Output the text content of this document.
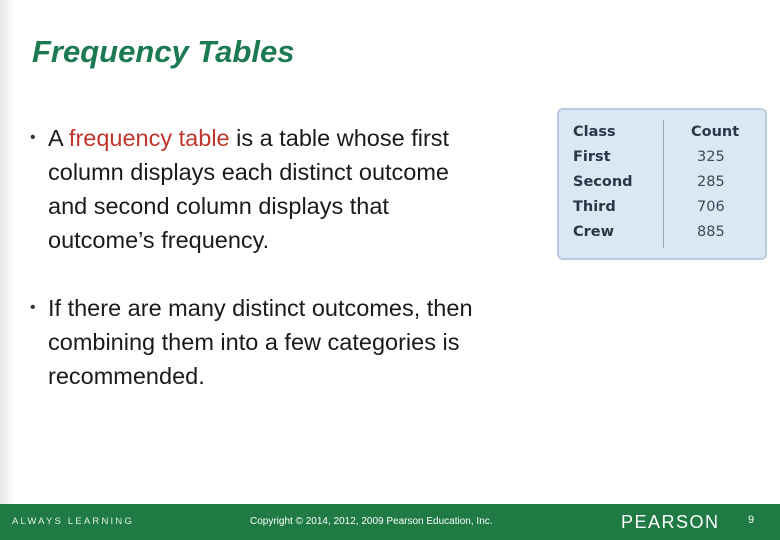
Frequency Tables
• A frequency table is a table whose first
column displays each distinct outcome
and second column displays that
outcome’s frequency.
• If there are many distinct outcomes, then
combining them into a few categories is
recommended.
Class	Count
First	325
Second	285
Third	706
Crew	885
ALWAYS LEARNING	Copyright © 2014, 2012, 2009 Pearson Education, Inc.	PEARSON	9
